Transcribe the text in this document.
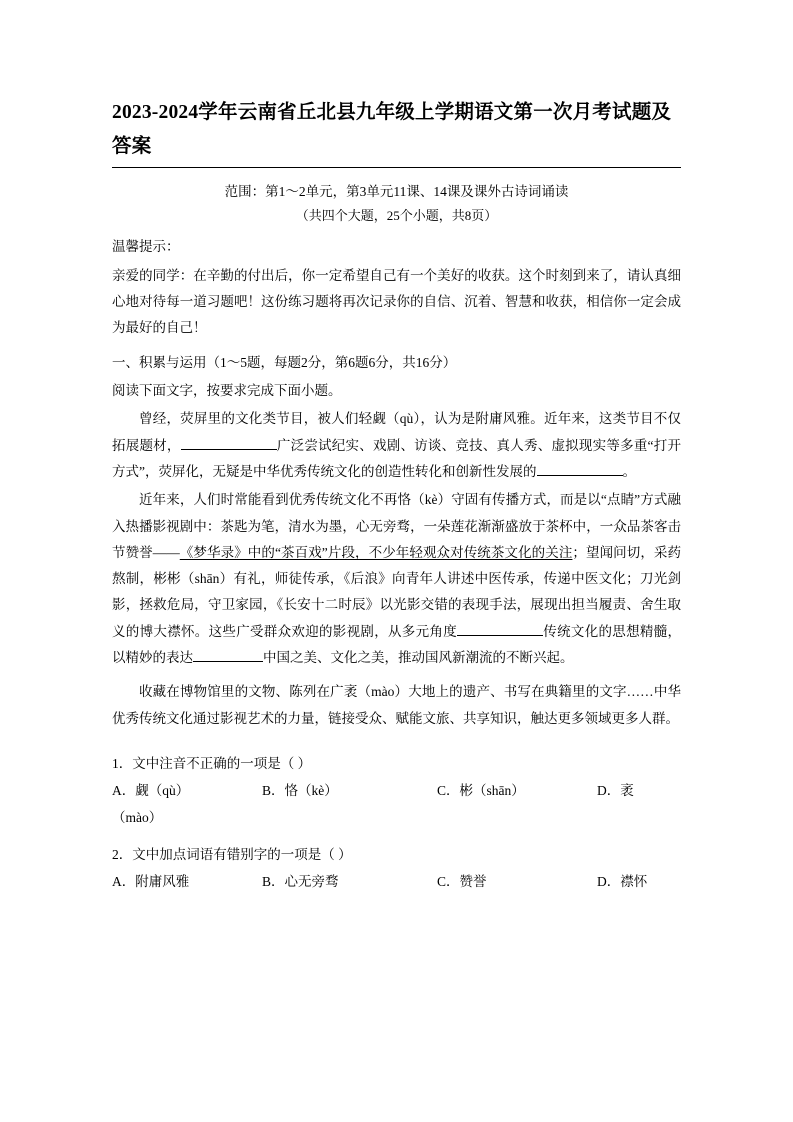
2023-2024学年云南省丘北县九年级上学期语文第一次月考试题及答案

范围：第1～2单元，第3单元11课、14课及课外古诗词诵读

（共四个大题，25个小题，共8页）

温馨提示：

亲爱的同学：在辛勤的付出后，你一定希望自己有一个美好的收获。这个时刻到来了，请认真细心地对待每一道习题吧！这份练习题将再次记录你的自信、沉着、智慧和收获，相信你一定会成为最好的自己！

一、积累与运用（1～5题，每题2分，第6题6分，共16分）

阅读下面文字，按要求完成下面小题。

曾经，荧屏里的文化类节目，被人们轻觑（qù），认为是附庸风雅。近年来，这类节目不仅拓展题材，	广泛尝试纪实、戏剧、访谈、竞技、真人秀、虚拟现实等多重“打开方式”，荧屏化，无疑是中华优秀传统文化的创造性转化和创新性发展的	。

近年来，人们时常能看到优秀传统文化不再恪（kè）守固有传播方式，而是以“点睛”方式融入热播影视剧中：茶匙为笔，清水为墨，心无旁骛，一朵莲花渐渐盛放于茶杯中，一众品茶客击节赞誉——《梦华录》中的“茶百戏”片段，不少年轻观众对传统茶文化的关注；望闻问切，采药熬制，彬彬（shān）有礼，师徒传承，《后浪》向青年人讲述中医传承，传递中医文化；刀光剑影，拯救危局，守卫家园，《长安十二时辰》以光影交错的表现手法，展现出担当履责、舍生取义的博大襟怀。这些广受群众欢迎的影视剧，从多元角度	传统文化的思想精髓，以精妙的表达	中国之美、文化之美，推动国风新潮流的不断兴起。

收藏在博物馆里的文物、陈列在广袤（mào）大地上的遗产、书写在典籍里的文字……中华优秀传统文化通过影视艺术的力量，链接受众、赋能文旅、共享知识，触达更多领域更多人群。

1．文中注音不正确的一项是（ ）

A．觑（qù）	B．恪（kè）	C．彬（shān）	D．袤

（mào）

2．文中加点词语有错别字的一项是（ ）

A．附庸风雅	B．心无旁骛	C．赞誉	D．襟怀
